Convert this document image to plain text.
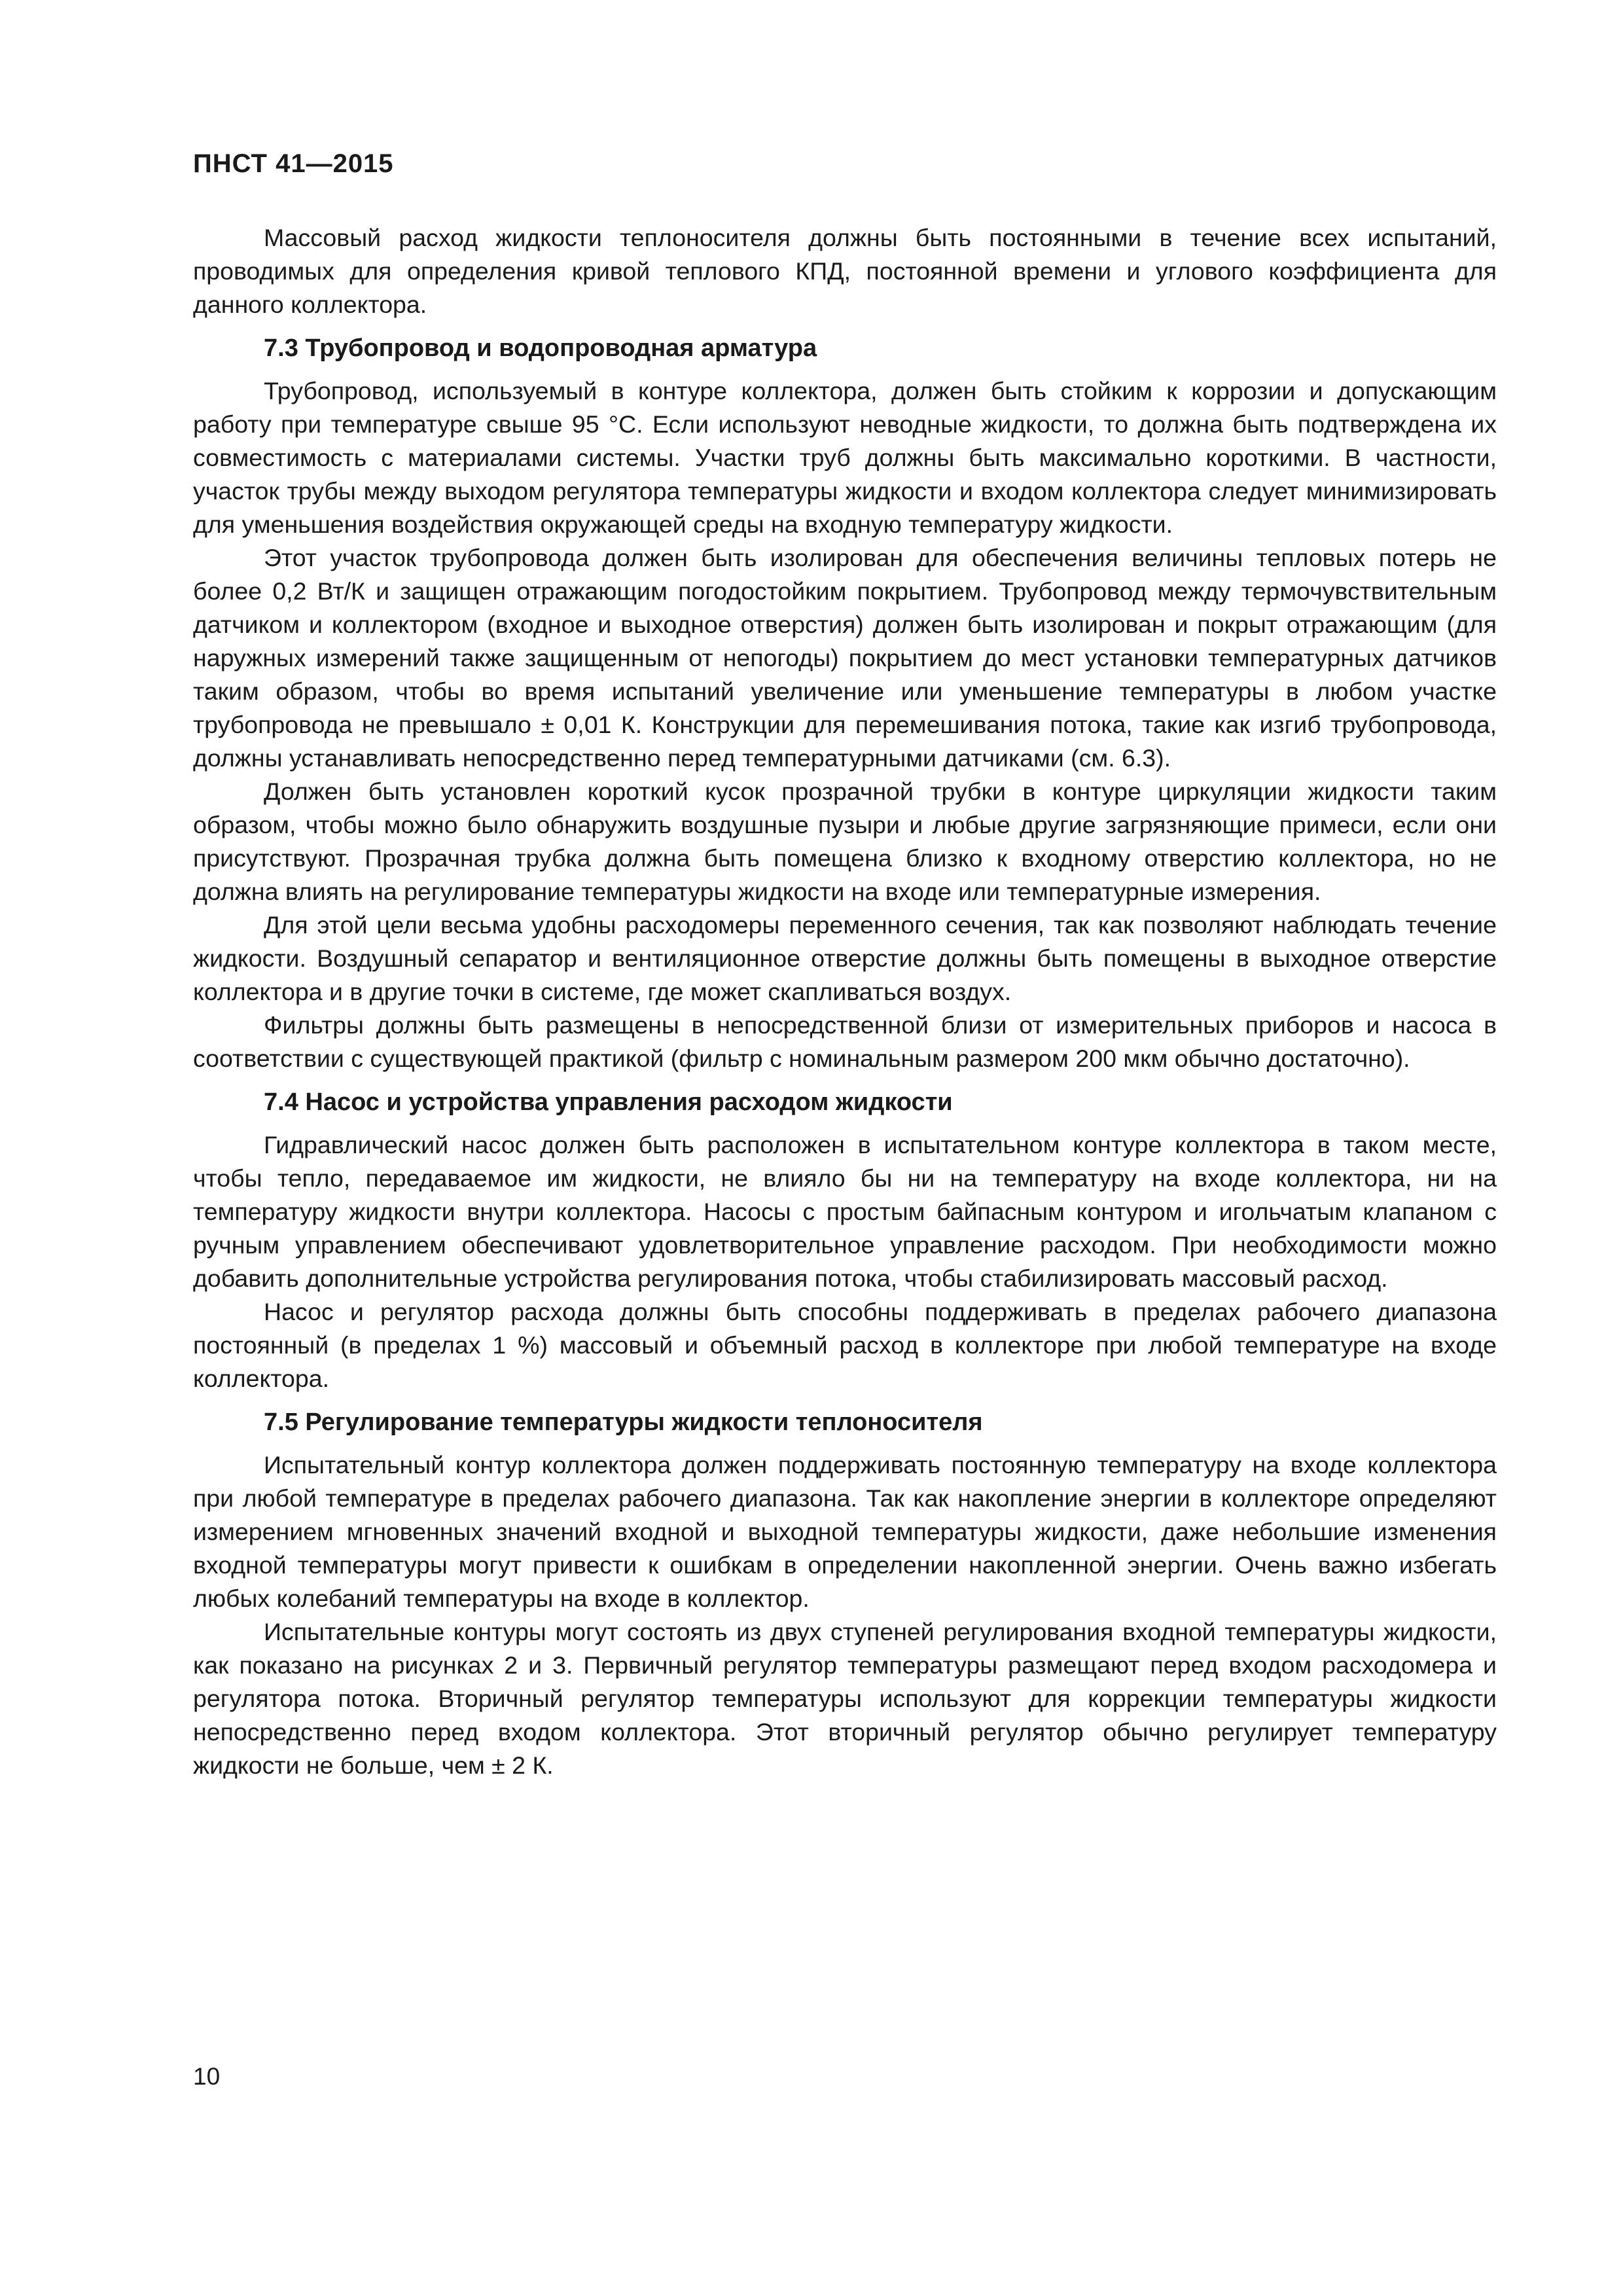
ПНСТ 41—2015

Массовый расход жидкости теплоносителя должны быть постоянными в течение всех испытаний, проводимых для определения кривой теплового КПД, постоянной времени и углового коэффициента для данного коллектора.

7.3 Трубопровод и водопроводная арматура

Трубопровод, используемый в контуре коллектора, должен быть стойким к коррозии и допускающим работу при температуре свыше 95 °С. Если используют неводные жидкости, то должна быть подтверждена их совместимость с материалами системы. Участки труб должны быть максимально короткими. В частности, участок трубы между выходом регулятора температуры жидкости и входом коллектора следует минимизировать для уменьшения воздействия окружающей среды на входную температуру жидкости.

Этот участок трубопровода должен быть изолирован для обеспечения величины тепловых потерь не более 0,2 Вт/К и защищен отражающим погодостойким покрытием. Трубопровод между термочувствительным датчиком и коллектором (входное и выходное отверстия) должен быть изолирован и покрыт отражающим (для наружных измерений также защищенным от непогоды) покрытием до мест установки температурных датчиков таким образом, чтобы во время испытаний увеличение или уменьшение температуры в любом участке трубопровода не превышало ± 0,01 К. Конструкции для перемешивания потока, такие как изгиб трубопровода, должны устанавливать непосредственно перед температурными датчиками (см. 6.3).

Должен быть установлен короткий кусок прозрачной трубки в контуре циркуляции жидкости таким образом, чтобы можно было обнаружить воздушные пузыри и любые другие загрязняющие примеси, если они присутствуют. Прозрачная трубка должна быть помещена близко к входному отверстию коллектора, но не должна влиять на регулирование температуры жидкости на входе или температурные измерения.

Для этой цели весьма удобны расходомеры переменного сечения, так как позволяют наблюдать течение жидкости. Воздушный сепаратор и вентиляционное отверстие должны быть помещены в выходное отверстие коллектора и в другие точки в системе, где может скапливаться воздух.

Фильтры должны быть размещены в непосредственной близи от измерительных приборов и насоса в соответствии с существующей практикой (фильтр с номинальным размером 200 мкм обычно достаточно).

7.4 Насос и устройства управления расходом жидкости

Гидравлический насос должен быть расположен в испытательном контуре коллектора в таком месте, чтобы тепло, передаваемое им жидкости, не влияло бы ни на температуру на входе коллектора, ни на температуру жидкости внутри коллектора. Насосы с простым байпасным контуром и игольчатым клапаном с ручным управлением обеспечивают удовлетворительное управление расходом. При необходимости можно добавить дополнительные устройства регулирования потока, чтобы стабилизировать массовый расход.

Насос и регулятор расхода должны быть способны поддерживать в пределах рабочего диапазона постоянный (в пределах 1 %) массовый и объемный расход в коллекторе при любой температуре на входе коллектора.

7.5 Регулирование температуры жидкости теплоносителя

Испытательный контур коллектора должен поддерживать постоянную температуру на входе коллектора при любой температуре в пределах рабочего диапазона. Так как накопление энергии в коллекторе определяют измерением мгновенных значений входной и выходной температуры жидкости, даже небольшие изменения входной температуры могут привести к ошибкам в определении накопленной энергии. Очень важно избегать любых колебаний температуры на входе в коллектор.

Испытательные контуры могут состоять из двух ступеней регулирования входной температуры жидкости, как показано на рисунках 2 и 3. Первичный регулятор температуры размещают перед входом расходомера и регулятора потока. Вторичный регулятор температуры используют для коррекции температуры жидкости непосредственно перед входом коллектора. Этот вторичный регулятор обычно регулирует температуру жидкости не больше, чем ± 2 К.

10
